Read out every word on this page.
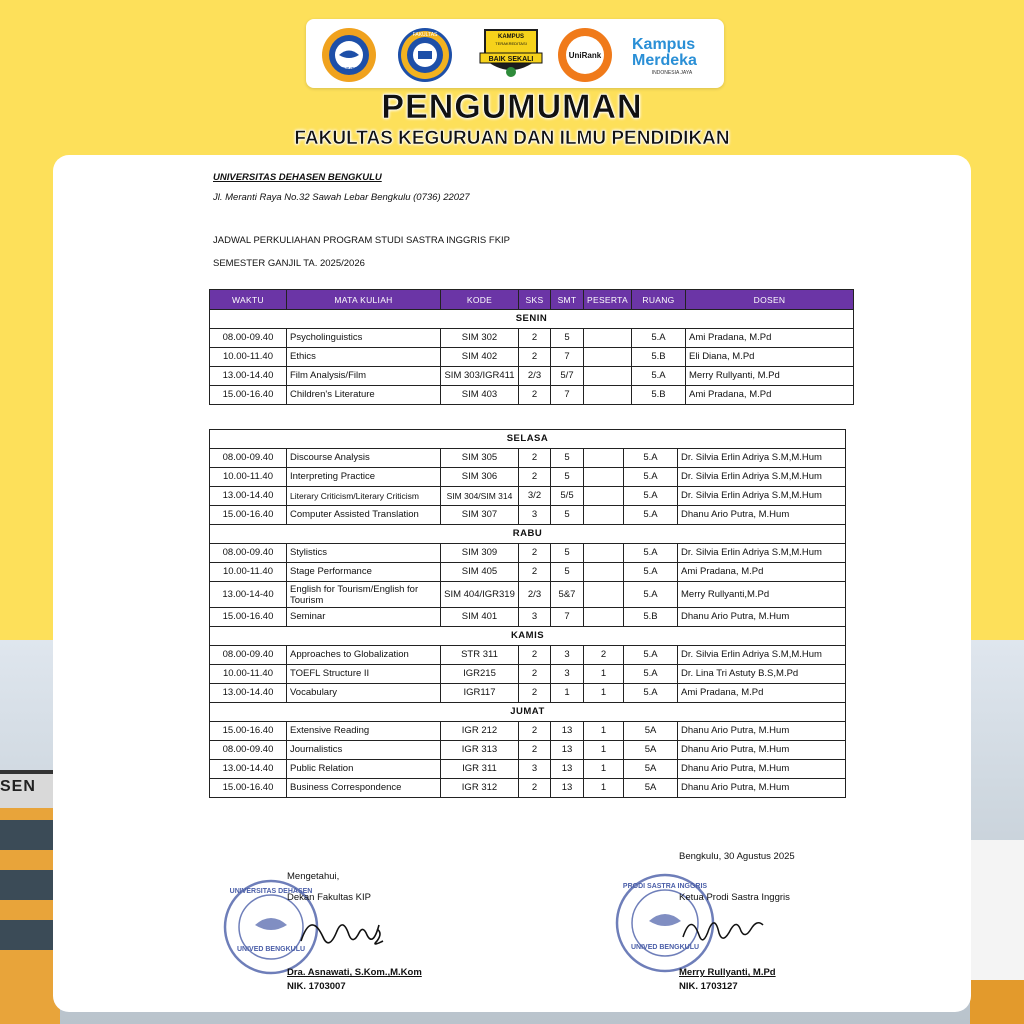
SEN
UNIVED
FAKULTAS	KAMPUS
TERAKREDITASI
BAIK SEKALI	UniRank
Kampus
Merdeka
INDONESIA JAYA
PENGUMUMAN
FAKULTAS KEGURUAN DAN ILMU PENDIDIKAN
UNIVERSITAS DEHASEN BENGKULU
Jl. Meranti Raya No.32 Sawah Lebar Bengkulu (0736) 22027
JADWAL PERKULIAHAN PROGRAM STUDI SASTRA INGGRIS FKIP
SEMESTER GANJIL TA. 2025/2026
WAKTU	MATA KULIAH	KODE	SKS	SMT	PESERTA	RUANG	DOSEN
SENIN							
08.00-09.40	Psycholinguistics	SIM 302	2	5		5.A	Ami Pradana, M.Pd
10.00-11.40	Ethics	SIM 402	2	7		5.B	Eli Diana, M.Pd
13.00-14.40	Film Analysis/Film	SIM 303/IGR411	2/3	5/7		5.A	Merry Rullyanti, M.Pd
15.00-16.40	Children's Literature	SIM 403	2	7		5.B	Ami Pradana, M.Pd
SELASA							
08.00-09.40	Discourse Analysis	SIM 305	2	5		5.A	Dr. Silvia Erlin Adriya S.M,M.Hum
10.00-11.40	Interpreting Practice	SIM 306	2	5		5.A	Dr. Silvia Erlin Adriya S.M,M.Hum
13.00-14.40	Literary Criticism/Literary Criticism	SIM 304/SIM 314	3/2	5/5		5.A	Dr. Silvia Erlin Adriya S.M,M.Hum
15.00-16.40	Computer Assisted Translation	SIM 307	3	5		5.A	Dhanu Ario Putra, M.Hum
RABU							
08.00-09.40	Stylistics	SIM 309	2	5		5.A	Dr. Silvia Erlin Adriya S.M,M.Hum
10.00-11.40	Stage Performance	SIM 405	2	5		5.A	Ami Pradana, M.Pd
13.00-14-40	English for Tourism/English for Tourism	SIM 404/IGR319	2/3	5&7		5.A	Merry Rullyanti,M.Pd
15.00-16.40	Seminar	SIM 401	3	7		5.B	Dhanu Ario Putra, M.Hum
KAMIS							
08.00-09.40	Approaches to Globalization	STR 311	2	3	2	5.A	Dr. Silvia Erlin Adriya S.M,M.Hum
10.00-11.40	TOEFL Structure II	IGR215	2	3	1	5.A	Dr. Lina Tri Astuty B.S,M.Pd
13.00-14.40	Vocabulary	IGR117	2	1	1	5.A	Ami Pradana, M.Pd
JUMAT							
15.00-16.40	Extensive Reading	IGR 212	2	13	1	5A	Dhanu Ario Putra, M.Hum
08.00-09.40	Journalistics	IGR 313	2	13	1	5A	Dhanu Ario Putra, M.Hum
13.00-14.40	Public Relation	IGR 311	3	13	1	5A	Dhanu Ario Putra, M.Hum
15.00-16.40	Business Correspondence	IGR 312	2	13	1	5A	Dhanu Ario Putra, M.Hum
Bengkulu, 30 Agustus 2025
UNIVERSITAS DEHASEN
UNIVED BENGKULU
Mengetahui,
Dekan Fakultas KIP
Dra. Asnawati, S.Kom.,M.Kom
NIK. 1703007
PRODI SASTRA INGGRIS
UNIVED BENGKULU
Ketua Prodi Sastra Inggris
Merry Rullyanti, M.Pd
NIK. 1703127
